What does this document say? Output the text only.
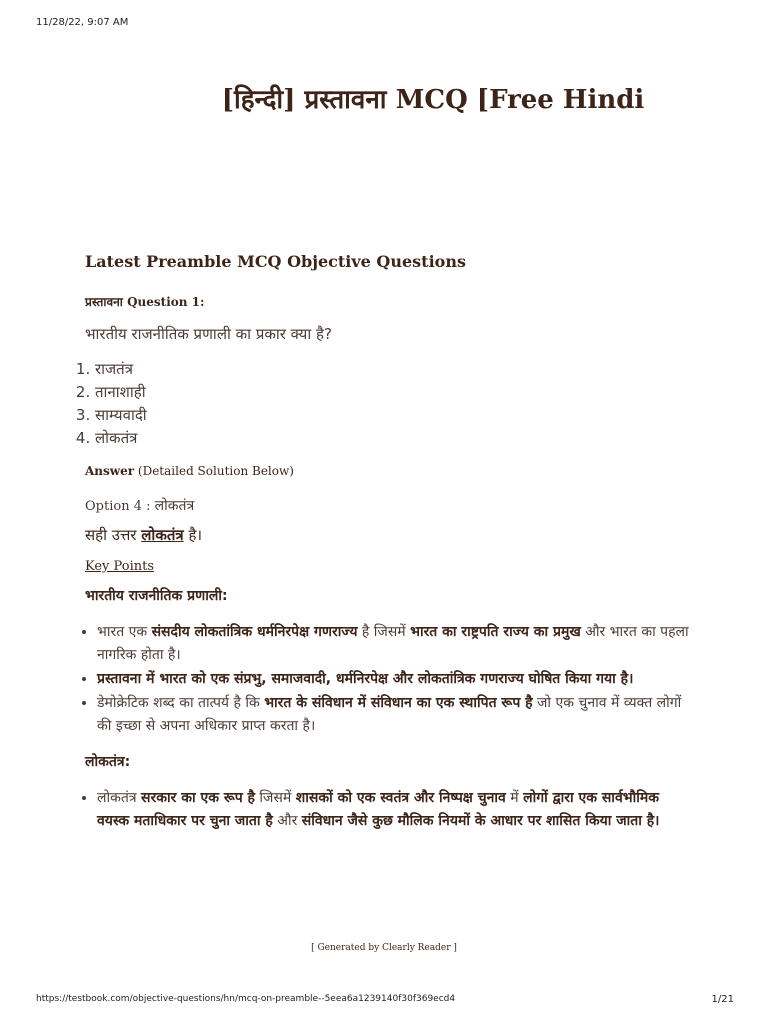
11/28/22, 9:07 AM
[हिन्दी] प्रस्तावना MCQ [Free Hindi
Latest Preamble MCQ Objective Questions
प्रस्तावना Question 1:
भारतीय राजनीतिक प्रणाली का प्रकार क्या है?
1. राजतंत्र
2. तानाशाही
3. साम्यवादी
4. लोकतंत्र
Answer (Detailed Solution Below)
Option 4 : लोकतंत्र
सही उत्तर लोकतंत्र है।
Key Points
भारतीय राजनीतिक प्रणाली:
• भारत एक संसदीय लोकतांत्रिक धर्मनिरपेक्ष गणराज्य है जिसमें भारत का राष्ट्रपति राज्य का प्रमुख और भारत का पहला नागरिक होता है।
• प्रस्तावना में भारत को एक संप्रभु, समाजवादी, धर्मनिरपेक्ष और लोकतांत्रिक गणराज्य घोषित किया गया है।
• डेमोक्रेटिक शब्द का तात्पर्य है कि भारत के संविधान में संविधान का एक स्थापित रूप है जो एक चुनाव में व्यक्त लोगों की इच्छा से अपना अधिकार प्राप्त करता है।
लोकतंत्र:
• लोकतंत्र सरकार का एक रूप है जिसमें शासकों को एक स्वतंत्र और निष्पक्ष चुनाव में लोगों द्वारा एक सार्वभौमिक वयस्क मताधिकार पर चुना जाता है और संविधान जैसे कुछ मौलिक नियमों के आधार पर शासित किया जाता है।
[ Generated by Clearly Reader ]
https://testbook.com/objective-questions/hn/mcq-on-preamble--5eea6a1239140f30f369ecd4	1/21
